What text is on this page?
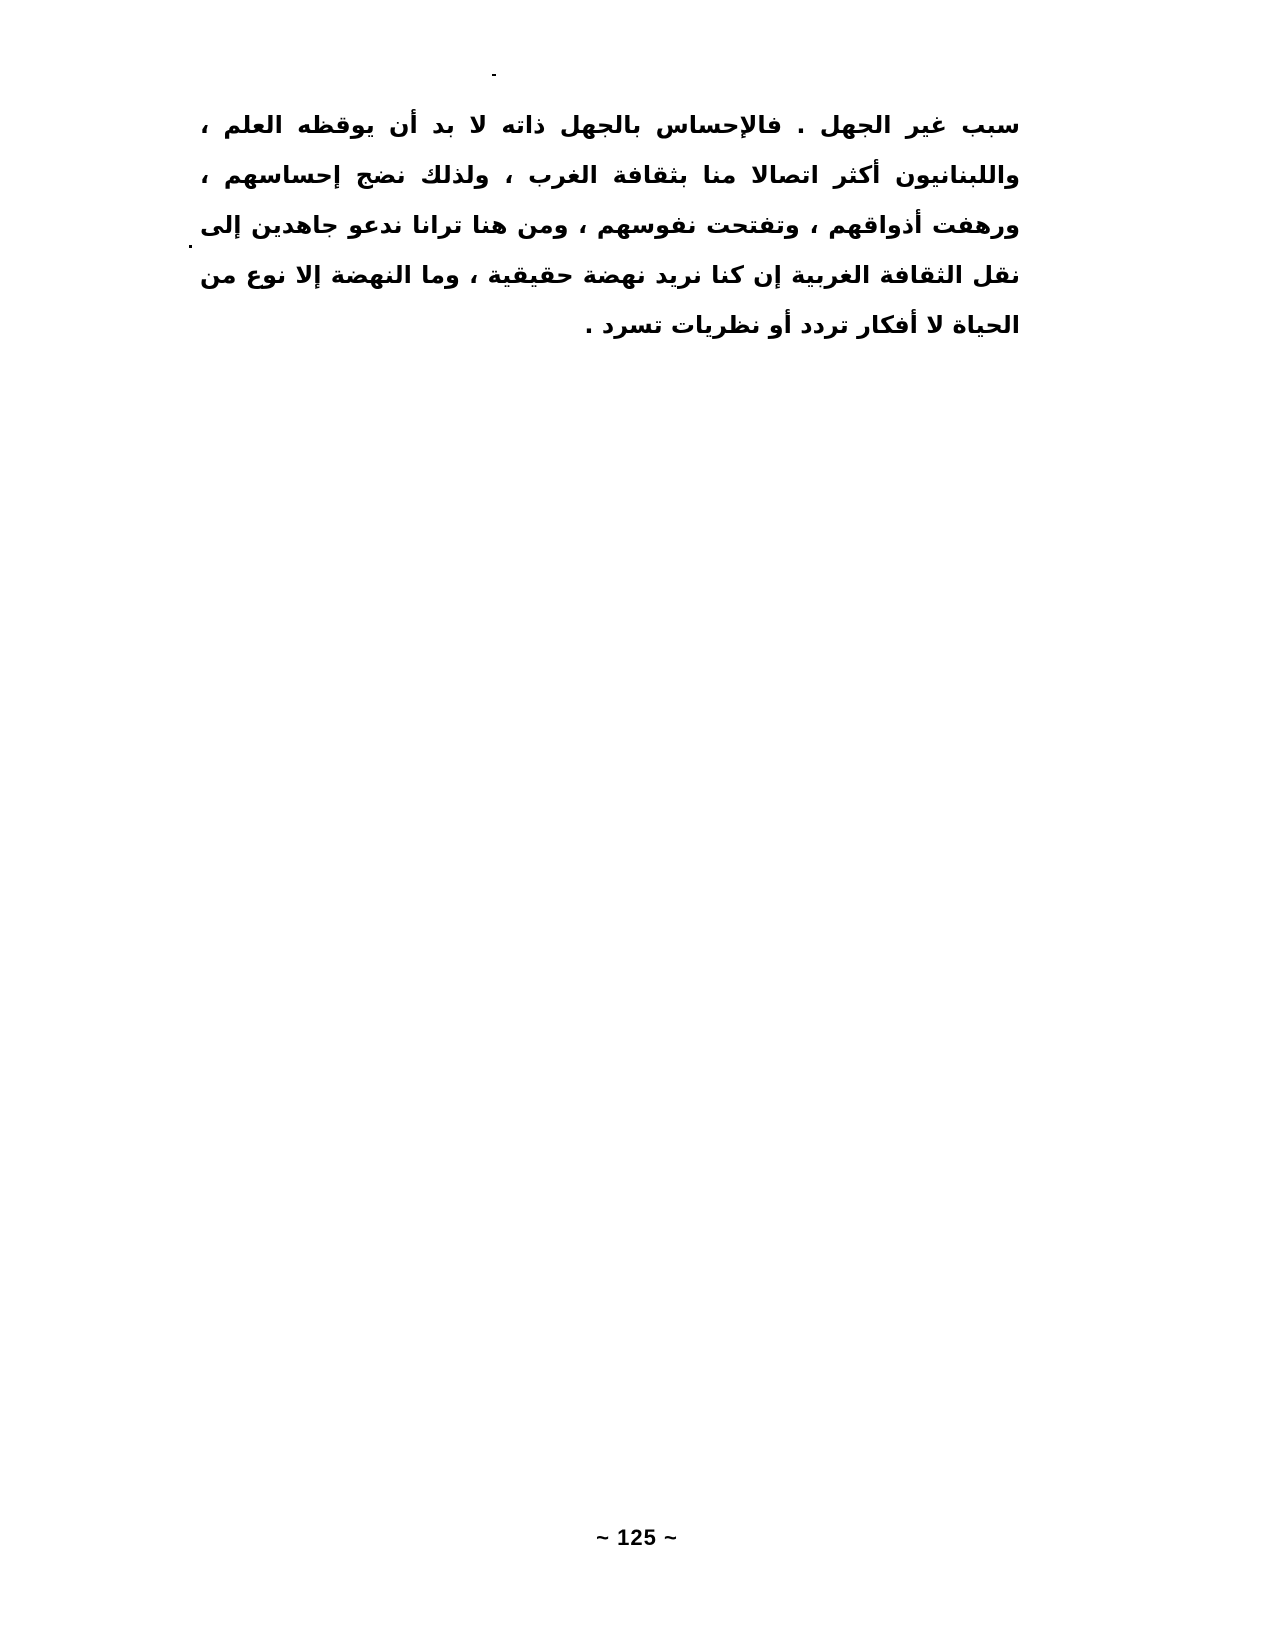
سبب غير الجهل . فالإحساس بالجهل ذاته لا بد أن يوقظه العلم ،
واللبنانيون أكثر اتصالا منا بثقافة الغرب ، ولذلك نضج إحساسهم ،
ورهفت أذواقهم ، وتفتحت نفوسهم ، ومن هنا ترانا ندعو جاهدين إلى
نقل الثقافة الغربية إن كنا نريد نهضة حقيقية ، وما النهضة إلا نوع من
الحياة لا أفكار تردد أو نظريات تسرد .
~ 125 ~
